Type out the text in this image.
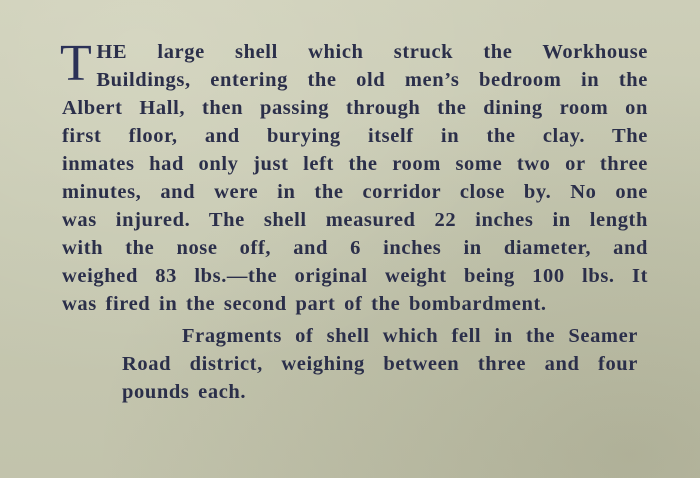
T HE large shell which struck the Workhouse
Buildings, entering the old men’s bedroom in the
Albert Hall, then passing through the dining room on
first floor, and burying itself in the clay. The
inmates had only just left the room some two or three
minutes, and were in the corridor close by. No one
was injured. The shell measured 22 inches in length
with the nose off, and 6 inches in diameter, and
weighed 83 lbs.—the original weight being 100 lbs. It
was fired in the second part of the bombardment.
Fragments of shell which fell in the Seamer
Road district, weighing between three and four
pounds each.
